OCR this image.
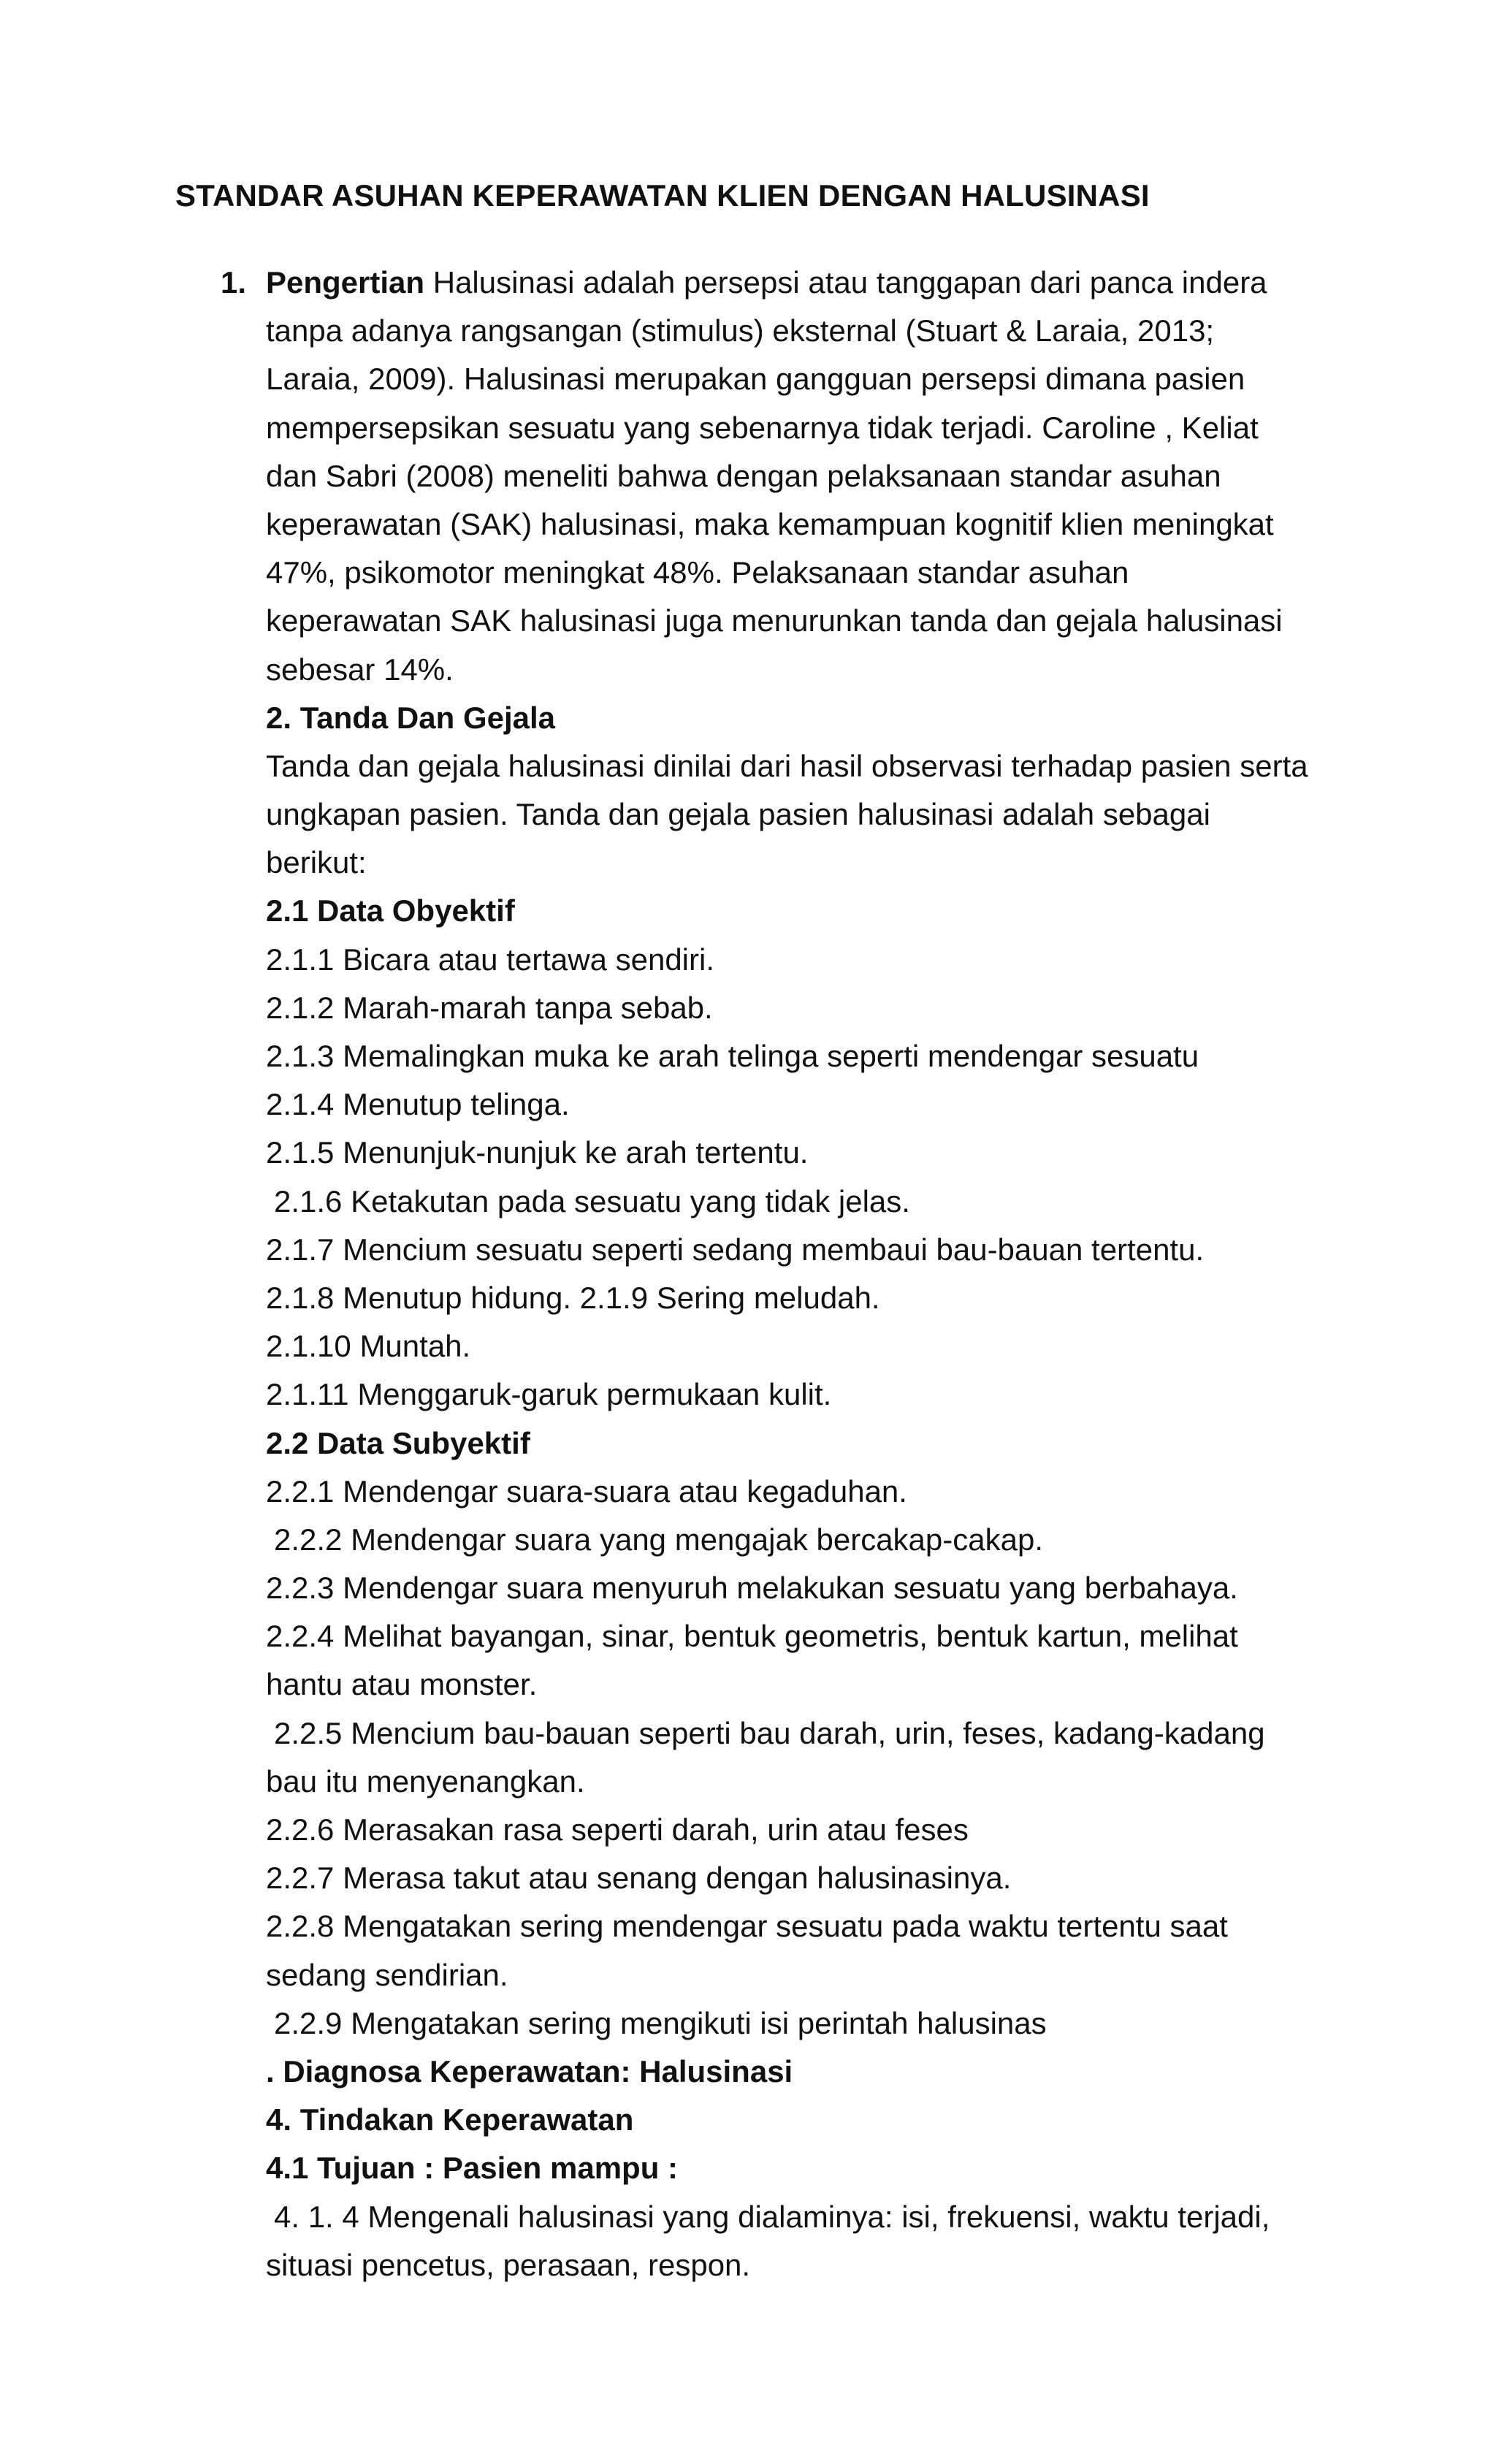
STANDAR ASUHAN KEPERAWATAN KLIEN DENGAN HALUSINASI
1. Pengertian Halusinasi adalah persepsi atau tanggapan dari panca indera
tanpa adanya rangsangan (stimulus) eksternal (Stuart & Laraia, 2013;
Laraia, 2009). Halusinasi merupakan gangguan persepsi dimana pasien
mempersepsikan sesuatu yang sebenarnya tidak terjadi. Caroline , Keliat
dan Sabri (2008) meneliti bahwa dengan pelaksanaan standar asuhan
keperawatan (SAK) halusinasi, maka kemampuan kognitif klien meningkat
47%, psikomotor meningkat 48%. Pelaksanaan standar asuhan
keperawatan SAK halusinasi juga menurunkan tanda dan gejala halusinasi
sebesar 14%.
2. Tanda Dan Gejala
Tanda dan gejala halusinasi dinilai dari hasil observasi terhadap pasien serta
ungkapan pasien. Tanda dan gejala pasien halusinasi adalah sebagai
berikut:
2.1 Data Obyektif
2.1.1 Bicara atau tertawa sendiri.
2.1.2 Marah-marah tanpa sebab.
2.1.3 Memalingkan muka ke arah telinga seperti mendengar sesuatu
2.1.4 Menutup telinga.
2.1.5 Menunjuk-nunjuk ke arah tertentu.
2.1.6 Ketakutan pada sesuatu yang tidak jelas.
2.1.7 Mencium sesuatu seperti sedang membaui bau-bauan tertentu.
2.1.8 Menutup hidung. 2.1.9 Sering meludah.
2.1.10 Muntah.
2.1.11 Menggaruk-garuk permukaan kulit.
2.2 Data Subyektif
2.2.1 Mendengar suara-suara atau kegaduhan.
2.2.2 Mendengar suara yang mengajak bercakap-cakap.
2.2.3 Mendengar suara menyuruh melakukan sesuatu yang berbahaya.
2.2.4 Melihat bayangan, sinar, bentuk geometris, bentuk kartun, melihat
hantu atau monster.
2.2.5 Mencium bau-bauan seperti bau darah, urin, feses, kadang-kadang
bau itu menyenangkan.
2.2.6 Merasakan rasa seperti darah, urin atau feses
2.2.7 Merasa takut atau senang dengan halusinasinya.
2.2.8 Mengatakan sering mendengar sesuatu pada waktu tertentu saat
sedang sendirian.
2.2.9 Mengatakan sering mengikuti isi perintah halusinas
. Diagnosa Keperawatan: Halusinasi
4. Tindakan Keperawatan
4.1 Tujuan : Pasien mampu :
4. 1. 4 Mengenali halusinasi yang dialaminya: isi, frekuensi, waktu terjadi,
situasi pencetus, perasaan, respon.
